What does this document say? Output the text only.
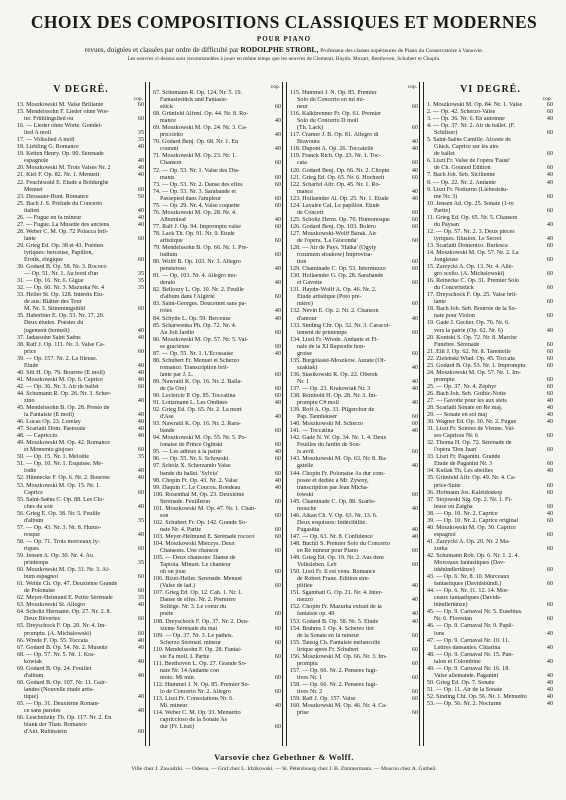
CHOIX DES COMPOSITIONS CLASSIQUES ET MODERNES
POUR PIANO
revues, doigtées et classées par ordre de difficulté par RODOLPHE STROBL, Professeur des classes supérieures de Piano du Conservatoire à Varsovie.
Les oeuvres ci-dessus sont recommandées à jouer en même temps que les oeuvres de Clementi, Haydn, Mozart, Beethoven, Schubert et Chopin.
V DEGRÉ.
cop.
13. Moszkowski M. Valse Brillante	60
15. Mendelssohn F. Lieder ohne Wor-
ter. Frühlingslied ou	60
16. — Lieder ohne Worte. Gondel-
lied A moll	35
17. — Volkslied A moll	35
18. Liebling G. Romance	40
19. Ketten Henry. Op. 90. Sérénade
espagnole	40
20. Moszkowski M. Trois Valses Nr. 2	40
21. Kiel F. Op. 82. Nr. 1. Menuett	40
22. Feuchtwald E. Etude à Boldurghe
Menuet	60
23. Dessauer-Hunt. Romance	50
25. Bach J. S. Prélude du Concerto
italien	40
26. — Fugue en fa mineur	40
27. — Fugue. La Musette des anciens	40
28. Weber C. M. Op. 72 Polacca bril-
lante	60
29. Grieg Ed. Op. 38 et 43. Poèmes
lyriques: berceuse, Papillon,
Erotik, élégique	60
30. Godard B. Op. 58. Nr. 3. Rococo
— Op. 51. Nr. 1. Au bord d'un	35
31. — Op. 16. Nr. 6. Gigue	35
32. — Op. 60. Nr. 3. Mazurka Nr. 4	35
33. Heller St. Op. 128. Intérêts Etu-
de aus: Blätter des Tour
M. Nr. 3. Stimmungsbild	60
35. Haberbier E. Op. 53. Nr. 17. 20.
Deux études. Poésies du
jugement (termeli)	40
37. Jadassohn Saint Saëns	40
38. Raff J. Op. 111. Nr. 3. Valse Ca-
price	60
39. — Op. 157. Nr. 2. La fileuse.
Etude	40
40. Sitt H. Op. 79. Bourrée (E moll)	40
41. Moszkowski M. Op. 6. Caprice	40
42. — Op. 36. Nr. 3. Air de ballet	60
44. Schumann R. Op. 26. Nr. 3. Scher-
zino	40
45. Mendelssohn B. Op. 28. Presto de
la Fantaisie (E moll)	40
46. Lucas Op. 23. Lorelay	40
47. Scarlatti Dom. Pastorale	40
48. — Capriccio	40
49. Moszkowski M. Op. 42. Romance
et Momento giojoso	60
50. — Op. 15. Nr. 1. Mélodie	35
51. — Op. 10. Nr. 1. Esquisse. Mé-
lodie	40
52. Hünnecke F. Op. 6. Nr. 2. Bourrée	40
53. Moszkowski M. Op. 15. Nr. 1.
Caprice	60
55. Saint-Saëns C. Op. 88. Les Clo-
ches du soir	40
56. Grieg E. Op. 38. Nr. 5. Feuille
d'album	35
57. — Op. 43. Nr. 3. Nr. 8. Humo-
resque	40
58. — Op. 71. Trois morceaux ly-
riques	60
59. Jensen A. Op. 30. Nr. 4. Au
printemps	35
60. Moszkowski M. Op. 31. Nr. 3. Al-
bum espagnol	60
61. Wehle Ch. Op. 47. Deuxième Grande
de Polonaise	60
62. Meyer-Helmund E. Petite Sérénade	35
63. Moszkowski St. Allegro	40
64. Scholtz Hermann. Op. 27. Nr. 2. 8.
Deux Rêveries	60
65. Dreyschock F. Op. 20. Nr. 4. Im-
promptu. (A. Michalowski)	60
66. Wrede F. Op. 55. Toccata	40
67. Godard B. Op. 54. Nr. 2. Musette	40
68. — Op. 57. Nr. 5. Nr. 1. Kra-
kowiak	40
69. Godard B. Op. 24. Feuillet
d'album	40
60. Godard B. Op. 107. Nr. 11. Guir-
landes (Nouvelle étude artis-
tique)	40
65. — Op. 31. Deuxième Roman-
ce sans paroles	40
66. Leschetizky Th. Op. 117. Nr. 2. En
blank der Than. Romance
d'Ant. Rubinstein	60
cop.
67. Schumann R. Op. 124. Nr. 5. 19.
Fantasiestück und Fantasie-
stück	60
68. Grünfeld Alfred. Op. 44. Nr. 8. Ro-
mance	40
69. Moszkowski M. Op. 24. Nr. 3. Ca-
priccietto	40
70. Godard Benj. Op. 68. Nr. 1. En
courant	40
71. Moszkowski M. Op. 23. Nr. 1.
Chanson	60
72. — Op. 53. Nr. 1. Valse des Dia-
mants	60
73. — Op. 53. Nr. 2. Danse des elfes	60
74. — Op. 53. Nr. 3. Sarabande et
Passepied dans l'ampleur	60
75. — Op. 29. Nr. 4. Valse coquette	60
76. Moszkowski M. Op. 28. Nr. 4.
Albumleaf	40
77. Raff J. Op. 94. Impromptu valse	60
78. Lack Th. Op. 91. Nr. 9. Etude
artistique	60
79. Mendelssohn B. Op. 66. Nr. 1. Pre-
ludium	60
80. Wolff B. Op. 103. Nr. 3. Allegro
pensieroso	40
81. — Op. 103. Nr. 4. Allegro mo-
derato	40
82. Bellozzy L. Op. 10. Nr. 2. Feuille
d'album dans l'Algérie	60
83. Saint-Georges. Doucemet sans pa-
roles	40
84. Schytte L. Op. 59. Berceuse	40
85. Scharwenka Ph. Op. 72. Nr. 4.
Au Joli Jardin	60
86. Moszkowski M. Op. 57. Nr. 5. Val-
se gracieuse	60
87. — Op. 55. Nr. 1. L'Ecossaise	40
88. Schubert Fr. Menuet et Scherzo
romance. Transcription bril-
lante par J. L.	60
89. Nawratil K. Op. 16. Nr. 2. Balla-
de (la Ore)	60
90. Leclercle P. Op. 85. Toccatina	60
91. Lottzmann L. Les Ondines	40
92. Grieg Ed. Op. 65. Nr. 2. La mort
d'Ase	40
93. Nawratil K. Op. 16. Nr. 2. Rara-
bande	60
94. Moszkowski M. Op. 55. Nr. 5. Po-
lonaise de Prince Ogiński	60
95. — Les adieux à la patrie	40
96. — Op. 55. Nr. 6. Schowski	60
97. Scholz X. Scherzando Valse
bande du ballet. 'Sylvia'	60
98. Chopin Fr. Op. 43. Nr. 2. Valse	40
99. Daquin C. Le Coucou. Rondeau	40
100. Rosenthal M. Op. 23. Deuxième
Sérénade. Feuilleton	60
101. Moszkowski M. Op. 47. Nr. 1. Chan-
son	60
102. Schubert Fr. Op. 142. Grande So-
nate Nr. 4. Partie	60
103. Meyer-Helmund E. Sérénade rococo	60
104. Moszkowski Mieczys. Deux
Chansons. Une chanson	60
105. — Deux chansons: Danse de
Tapiola. Minuet. Le chanteur
oh on joue	60
106. Bizet-Heller. Serenade. Menuet
(Valse de lad.)	60
107. Grieg Ed. Op. 12. Cah. 1. Nr. 1.
Danse de elfes. Nr. 2. Première
Solfège. Nr. 3. Le coeur du
poète	60
108. Dreyschock F. Op. 37. Nr. 2. Deu-
xième Sérénade du mai	60
109. — Op. 37. Nr. 3. Le pathos.
Scherzo Sérénad. mineur	60
110. Mendelssohn F. Op. 28. Fantai-
sie Fa moll. I. Partie	60
111. Beethoven L. Op. 27. Grande So-
nate Nr. 14 Andante con
moto. Mi min.	60
112. Hummel J. N. Op. 85. Premier So-
lo de Concerto Nr. 2. Allegro	60
113. Liszt Fr. Consolations Nr. 6.
Mi. mineur	40
114. Weber C. M. Op. 33. Menuetto
capriccioso de la Sonate As
dur (Fr. Liszt)	60
cop.
115. Hummel J. N. Op. 85. Premier
Solo du Concerto en mi mi-
neur	60
116. Kalkbrenner Fr. Op. 61. Premier
Solo du Concerto D moll
(Th. Lack)	60
117. Cramer J. B. Op. 81. Allegro di
Bravoura	40
118. Dupont A. Op. 26. Toccatelle	40
119. Franck Rich. Op. 23. Nr. 1. Toc-
cata	60
120. Godard Benj. Op. 66. Nr. 2. Chopin	40
121. Grieg Ed. Op. 65. Nr. 6. Hochzeit	60
122. Scharfel Alfr. Op. 45. Nr. 1. Ro-
mance	40
123. Hollaender Al. Op. 25. Nr. 1. Etude	40
124. Lavalee Cal. Le papillon. Etude
de Concert	60
125. Scholtz Herm. Op. 70. Humoresque	60
126. Godard Benj. Op. 103. Boléro	60
127. Moszkowski-Wolff Barak. Air
de l'opéra. 'La Gioconda'	60
128. — Air de Pays. 'Halka' (Ogyty
rozumem słoukow) Improvisa-
tion	60
129. Chaminade C. Op. 53. Intermezzo	60
130. Hollaender G. Op. 28. Sarabande
et Gavotte	60
131. Haydn-Wolff A. Op. 46. Nr. 2.
Etude artistique (Poto pre-
mière)	60
132. Nevin E. Op. 2. Nr. 2. Chanson
d'amour	40
133. Sinding Chr. Op. 32. Nr. 3. Caracol-
lement de printemps	60
134. Liszt Fr.-Wrede. Andante et Fi-
nale de la XI Rapsodie hon-
groise	60
135. Burgólaski-Moszkow. Aurate (Of-
szaktak)	40
136. Stasikowski R. Op. 22. Oberek
Nr. 1	40
137. — Op. 23. Krakowiak Nr. 3	40
138. Reinhold H. Op. 28. Nr. 3. Im-
promptu C# moll	40
139. Roff A. Op. 33. Pilgerchor de
Pap. Tannhäuser	60
140. Moszkowski M. Scherzo	60
141. — Toccatina	40
142. Gade N. W. Op. 34. Nr. 1. 4. Deux
Feuilles du Jardin de Sou-
ls avril	60
143. Moszkowski M. Op. 63. Nr. 8. Ba-
gatelle	40
144. Chopin Fr. Polonaise As dur com-
posée et dédiée à Mr. Zywny,
transcription par Jean Micha-
łowski	60
145. Chaminade C. Op. 88. Scarfe-
mouche	40
146. Alkan Ch. V. Op. 63. Nr. 13. 6.
Deux esquisses: Indécibilité.
Fugasitta	40
147. — Op. 63. Nr. 8. Confidence	40
148. Buchli S. Premier Solo du Concerto
en Ré mineur pour Piano	60
149. Grieg Ed. Op. 19. Nr. 2. Aus dem
Volksleben. Leb	60
150. Liszt Fr. Il est venu. Romance
de Robert Franz. Edition sim-
plifiée	40
151. Sgambati G. Op. 21. Nr. 4. Inter-
mezzo	40
152. Chopin Fr. Mazurka extrait de la
fantaisie op. 49	40
153. Godard B. Op. 58. Nr. 5. Etude	40
154. Brahms J. Op. 4. Scherzo tiré
de la Sonate en fa mineur	60
155. Tausig Ch. Fantaisie mélancolie
lirique après Fr. Schubert	60
156. Moszkowski M. Op. 66. Nr. 3. Im-
promptu	60
157. — Op. 66. Nr. 2. Pensées fugi-
tives Nr. 1	60
158. — Op. 66. Nr. 2. Pensées fugi-
tives Nr. 2	60
159. Raff J. Op. 157. Valse	60
160. Moszkowski M. Op. 46. Nr. 4. Ca-
prise	60
VI DEGRÉ.
cop.
1. Moszkowski M. Op. 84. Nr. 1. Valse	60
2. — Op. 42. Scherzo-Valse	60
3. — Op. 36. Nr. 6. En automne	40
4. — Op. 37. Nr. 2. Air de ballet. (F.
Schiltser)	60
5. Saint-Saëns Camille. Alceste de
Gluck. Caprice sur les airs
de ballet	60
6. Liszt Fr. Valse de l'opéra 'Faust'
de Ch. Gounod Edition	60
7. Bach Joh. Seb. Sicilienne	40
8. — Op. 22. Nr. 2. Andante	40
9. Liszt Fr. Notturno (Liebesträu-
me Nr. 3)	60
10. Jensen Ad. Op. 25. Sonate (1-re
Partie)	60
11. Grieg Ed. Op. 65. Nr. 5. Chanson
du Paysan	40
12. — Op. 57. Nr. 2. 3. Deux pièces
lyriques. Illusion. Le Secret	40
13. Scarlatti Domenico. Burlesca	60
14. Moszkowski M. Op. 57. Nr. 2. La
Jongleuse	60
15. Zarzycki A. Op. 13. Nr. 4. Allé-
gro scelto. (A. Michalowski)	60
16. Reinecke C. Op. 31. Premier Solo
du Concertstück	60
17. Dreyschock F. Op. 25. Valse bril-
lante	60
18. Bach Joh. Seb. Bourrée de la So-
nate pour Violon	60
19. Gade J. Gecker. Op. 76. Nr. 6.
vers la patrie (Op. 62. Nr. 6)	40
20. Kontski S. Op. 72. Nr. 8. Marche
Funèbre. Sérénade	60
21. Eilt J. Op. 62. Nr. 8. Tarentelle	60
22. Zieleński Wład. Op. 45. Toccata	60
23. Godard B. Op. 53. Nr. 1. Impromptu	60
24. Moszkowski M. Op. 57. Nr. 1. Im-
promptu	60
25. — Op. 37. Nr. 4. Zéphyr	60
26. Bach Joh. Seb. Gothic-Notte	60
27. — Gavotte pour les aux stets	40
28. Scarlatti Sonate en Re maj.	40
29. — Sonate en sol maj	40
30. Wagner Ed. Op. 30. Nr. 2. Fugue	40
31. Liszt Fr. Soirées de Vienne. Val-
ses Caprices Nr. 6	60
32. Thoma H. Op. 72. Sérénade de
l'opéra 'Don Juan'	60
33. Liszt Fr. Paganini. Grande
Etude de Paganini Nr. 3	60
34. Kullak Th. Les abeilles	40
35. Grünfeld Alfr. Op. 49. Nr. 4. Ca-
price-Suite	60
36. Hofmann Jos. Kaléidoskop	60
37. Stojowski Sig. Op. 2. Nr. 1. Fi-
leuse ou Zaigha	60
38. — Op. 10. Nr. 2. Caprice	40
39. — Op. 10. Nr. 2. Caprice original	60
40. Moszkowski M. Op. 30. Caprice
espagnol	60
41. Zarzycki A. Op. 20. Nr. 2 Ma-
zurka	60
42. Schumann Rob. Op. 6. Nr. 1. 2. 4.
Morceaux fantastiques (Dav-
idsbündlertänze)	60
43. — Op. 6. Nr. 8. 10. Morceaux
fantastiques (Davidsbündl.)	60
44. — Op. 6. Nr. 11. 12. 14. Mor-
ceaux fantastiques (Davids-
bündlertänze)	60
45. — Op. 9. Carnaval Nr. 5. Eusebius.
Nr. 6. Florestan	60
46. — Op. 9. Carnaval Nr. 9. Papil-
lons	40
47. — Op. 9. Carnaval Nr. 10. 11.
Lettres dansantes. Chiarina	40
48. — Op. 9. Carnaval Nr. 15. Pan-
talon et Colombine	40
49. — Op. 9. Carnaval Nr. 16. 18.
Valse allemande. Paganini	40
50. Grieg Ed. Op. 7. Sonate	40
51. — Op. 11. Air de la Sonate	40
52. Sinding Chr. Op. 56. Nr. 1. Menuetto	40
53. — Op. 56. Nr. 2. Nocturne	40
Varsovie chez Gebethner & Wolff.
Ville chez J. Zawadzki. — Odessa. — Graf chez L. Idzikowski. — St. Pétersbourg chez J. B. Zimmermann. — Moscou chez A. Gutheil.
